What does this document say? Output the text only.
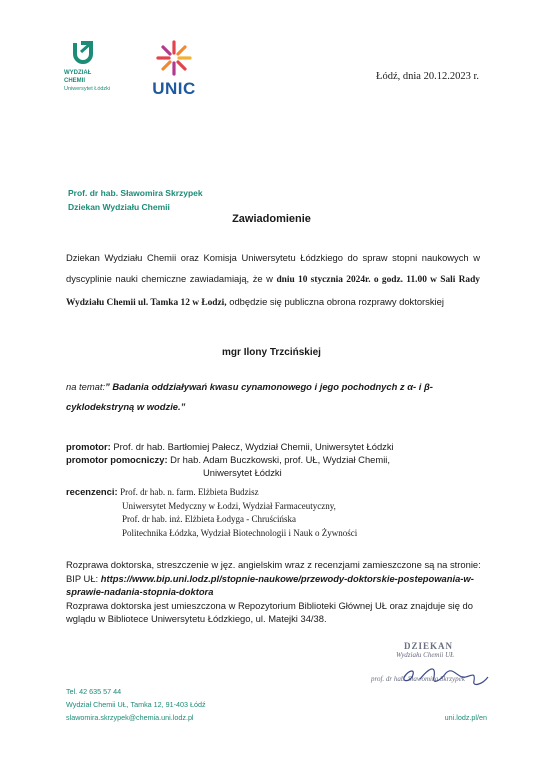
WYDZIAŁ
CHEMII
Uniwersytet Łódzki	UNIC
Łódź, dnia 20.12.2023 r.
Prof. dr hab. Sławomira Skrzypek
Dziekan Wydziału Chemii
Zawiadomienie
Dziekan Wydziału Chemii oraz Komisja Uniwersytetu Łódzkiego do spraw stopni naukowych w dyscyplinie nauki chemiczne zawiadamiają, że w dniu 10 stycznia 2024r. o godz. 11.00 w Sali Rady Wydziału Chemii ul. Tamka 12 w Łodzi, odbędzie się publiczna obrona rozprawy doktorskiej
mgr Ilony Trzcińskiej
na temat:” Badania oddziaływań kwasu cynamonowego i jego pochodnych z α- i β-cyklodekstryną w wodzie.”
promotor: Prof. dr hab. Bartłomiej Pałecz, Wydział Chemii, Uniwersytet Łódzki
promotor pomocniczy: Dr hab. Adam Buczkowski, prof. UŁ, Wydział Chemii,
Uniwersytet Łódzki
recenzenci: Prof. dr hab. n. farm. Elżbieta Budzisz
Uniwersytet Medyczny w Łodzi, Wydział Farmaceutyczny,
Prof. dr hab. inż. Elżbieta Łodyga - Chruścińska
Politechnika Łódzka, Wydział Biotechnologii i Nauk o Żywności
Rozprawa doktorska, streszczenie w jęz. angielskim wraz z recenzjami zamieszczone są na stronie: BIP UŁ: https://www.bip.uni.lodz.pl/stopnie-naukowe/przewody-doktorskie-postepowania-w-sprawie-nadania-stopnia-doktora
Rozprawa doktorska jest umieszczona w Repozytorium Biblioteki Głównej UŁ oraz znajduje się do wglądu w Bibliotece Uniwersytetu Łódzkiego, ul. Matejki 34/38.
DZIEKAN
Wydziału Chemii UŁ
prof. dr hab. Sławomira Skrzypek
Tel. 42 635 57 44
Wydział Chemii UŁ, Tamka 12, 91-403 Łódź
slawomira.skrzypek@chemia.uni.lodz.pl	uni.lodz.pl/en
